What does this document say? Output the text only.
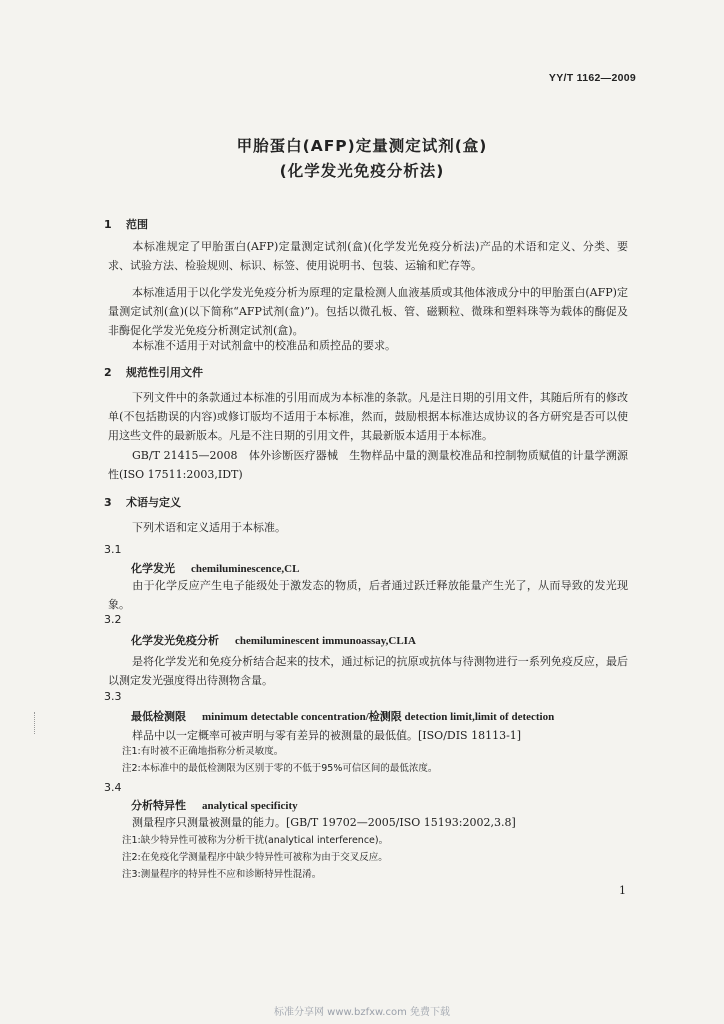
YY/T 1162—2009
甲胎蛋白(AFP)定量测定试剂(盒)
(化学发光免疫分析法)
1 范围
本标准规定了甲胎蛋白(AFP)定量测定试剂(盒)(化学发光免疫分析法)产品的术语和定义、分类、要求、试验方法、检验规则、标识、标签、使用说明书、包装、运输和贮存等。
本标准适用于以化学发光免疫分析为原理的定量检测人血液基质或其他体液成分中的甲胎蛋白(AFP)定量测定试剂(盒)(以下简称“AFP试剂(盒)”)。包括以微孔板、管、磁颗粒、微珠和塑料珠等为载体的酶促及非酶促化学发光免疫分析测定试剂(盒)。
本标准不适用于对试剂盒中的校准品和质控品的要求。
2 规范性引用文件
下列文件中的条款通过本标准的引用而成为本标准的条款。凡是注日期的引用文件，其随后所有的修改单(不包括勘误的内容)或修订版均不适用于本标准，然而，鼓励根据本标准达成协议的各方研究是否可以使用这些文件的最新版本。凡是不注日期的引用文件，其最新版本适用于本标准。
GB/T 21415—2008　体外诊断医疗器械　生物样品中量的测量校准品和控制物质赋值的计量学溯源性(ISO 17511:2003,IDT)
3 术语与定义
下列术语和定义适用于本标准。
3.1
化学发光 chemiluminescence,CL
由于化学反应产生电子能级处于激发态的物质，后者通过跃迁释放能量产生光了，从而导致的发光现象。
3.2
化学发光免疫分析 chemiluminescent immunoassay,CLIA
是将化学发光和免疫分析结合起来的技术，通过标记的抗原或抗体与待测物进行一系列免疫反应，最后以测定发光强度得出待测物含量。
3.3
最低检测限 minimum detectable concentration/检测限 detection limit,limit of detection
样品中以一定概率可被声明与零有差异的被测量的最低值。[ISO/DIS 18113-1]
注1:有时被不正确地指称分析灵敏度。
注2:本标准中的最低检测限为区别于零的不低于95%可信区间的最低浓度。
3.4
分析特异性 analytical specificity
测量程序只测量被测量的能力。[GB/T 19702—2005/ISO 15193:2002,3.8]
注1:缺少特异性可被称为分析干扰(analytical interference)。
注2:在免疫化学测量程序中缺少特异性可被称为由于交叉反应。
注3:测量程序的特异性不应和诊断特异性混淆。
1
标准分享网 www.bzfxw.com 免费下载
